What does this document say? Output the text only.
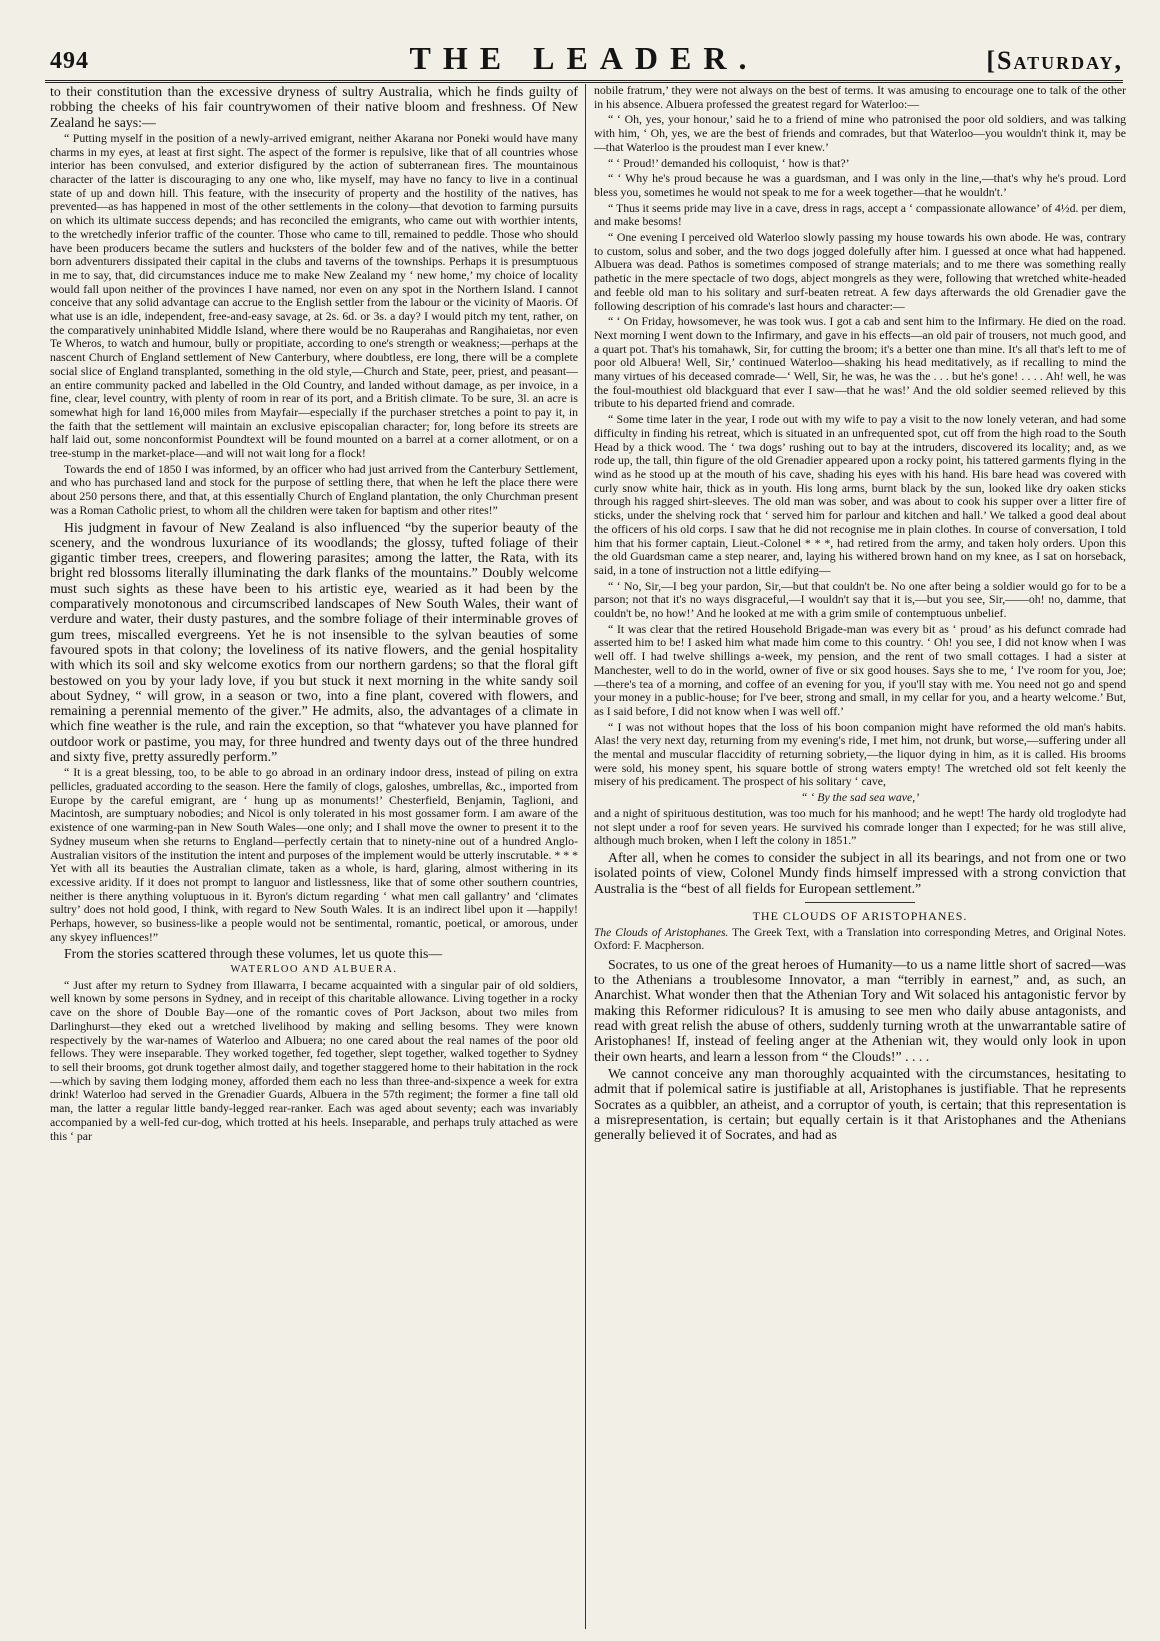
494	THE LEADER.	[Saturday,

to their constitution than the excessive dryness of sultry Australia, which he finds guilty of robbing the cheeks of his fair countrywomen of their native bloom and freshness. Of New Zealand he says:—

“ Putting myself in the position of a newly-arrived emigrant, neither Akarana nor Poneki would have many charms in my eyes, at least at first sight. The aspect of the former is repulsive, like that of all countries whose interior has been convulsed, and exterior disfigured by the action of subterranean fires. The mountainous character of the latter is discouraging to any one who, like myself, may have no fancy to live in a continual state of up and down hill. This feature, with the insecurity of property and the hostility of the natives, has prevented—as has happened in most of the other settlements in the colony—that devotion to farming pursuits on which its ultimate success depends; and has reconciled the emigrants, who came out with worthier intents, to the wretchedly inferior traffic of the counter. Those who came to till, remained to peddle. Those who should have been producers became the sutlers and hucksters of the bolder few and of the natives, while the better born adventurers dissipated their capital in the clubs and taverns of the townships. Perhaps it is presumptuous in me to say, that, did circumstances induce me to make New Zealand my ‘ new home,’ my choice of locality would fall upon neither of the provinces I have named, nor even on any spot in the Northern Island. I cannot conceive that any solid advantage can accrue to the English settler from the labour or the vicinity of Maoris. Of what use is an idle, independent, free-and-easy savage, at 2s. 6d. or 3s. a day? I would pitch my tent, rather, on the comparatively uninhabited Middle Island, where there would be no Rauperahas and Rangihaietas, nor even Te Wheros, to watch and humour, bully or propitiate, according to one's strength or weakness;—perhaps at the nascent Church of England settlement of New Canterbury, where doubtless, ere long, there will be a complete social slice of England transplanted, something in the old style,—Church and State, peer, priest, and peasant—an entire community packed and labelled in the Old Country, and landed without damage, as per invoice, in a fine, clear, level country, with plenty of room in rear of its port, and a British climate. To be sure, 3l. an acre is somewhat high for land 16,000 miles from Mayfair—especially if the purchaser stretches a point to pay it, in the faith that the settlement will maintain an exclusive episcopalian character; for, long before its streets are half laid out, some nonconformist Poundtext will be found mounted on a barrel at a corner allotment, or on a tree-stump in the market-place—and will not wait long for a flock!

Towards the end of 1850 I was informed, by an officer who had just arrived from the Canterbury Settlement, and who has purchased land and stock for the purpose of settling there, that when he left the place there were about 250 persons there, and that, at this essentially Church of England plantation, the only Churchman present was a Roman Catholic priest, to whom all the children were taken for baptism and other rites!”

His judgment in favour of New Zealand is also influenced “by the superior beauty of the scenery, and the wondrous luxuriance of its woodlands; the glossy, tufted foliage of their gigantic timber trees, creepers, and flowering parasites; among the latter, the Rata, with its bright red blossoms literally illuminating the dark flanks of the mountains.” Doubly welcome must such sights as these have been to his artistic eye, wearied as it had been by the comparatively monotonous and circumscribed landscapes of New South Wales, their want of verdure and water, their dusty pastures, and the sombre foliage of their interminable groves of gum trees, miscalled evergreens. Yet he is not insensible to the sylvan beauties of some favoured spots in that colony; the loveliness of its native flowers, and the genial hospitality with which its soil and sky welcome exotics from our northern gardens; so that the floral gift bestowed on you by your lady love, if you but stuck it next morning in the white sandy soil about Sydney, “ will grow, in a season or two, into a fine plant, covered with flowers, and remaining a perennial memento of the giver.” He admits, also, the advantages of a climate in which fine weather is the rule, and rain the exception, so that “whatever you have planned for outdoor work or pastime, you may, for three hundred and twenty days out of the three hundred and sixty five, pretty assuredly perform.”

“ It is a great blessing, too, to be able to go abroad in an ordinary indoor dress, instead of piling on extra pellicles, graduated according to the season. Here the family of clogs, galoshes, umbrellas, &c., imported from Europe by the careful emigrant, are ‘ hung up as monuments!’ Chesterfield, Benjamin, Taglioni, and Macintosh, are sumptuary nobodies; and Nicol is only tolerated in his most gossamer form. I am aware of the existence of one warming-pan in New South Wales—one only; and I shall move the owner to present it to the Sydney museum when she returns to England—perfectly certain that to ninety-nine out of a hundred Anglo-Australian visitors of the institution the intent and purposes of the implement would be utterly inscrutable. * * * Yet with all its beauties the Australian climate, taken as a whole, is hard, glaring, almost withering in its excessive aridity. If it does not prompt to languor and listlessness, like that of some other southern countries, neither is there anything voluptuous in it. Byron's dictum regarding ‘ what men call gallantry’ and ‘climates sultry’ does not hold good, I think, with regard to New South Wales. It is an indirect libel upon it —happily! Perhaps, however, so business-like a people would not be sentimental, romantic, poetical, or amorous, under any skyey influences!”

From the stories scattered through these volumes, let us quote this—

WATERLOO AND ALBUERA.

“ Just after my return to Sydney from Illawarra, I became acquainted with a singular pair of old soldiers, well known by some persons in Sydney, and in receipt of this charitable allowance. Living together in a rocky cave on the shore of Double Bay—one of the romantic coves of Port Jackson, about two miles from Darlinghurst—they eked out a wretched livelihood by making and selling besoms. They were known respectively by the war-names of Waterloo and Albuera; no one cared about the real names of the poor old fellows. They were inseparable. They worked together, fed together, slept together, walked together to Sydney to sell their brooms, got drunk together almost daily, and together staggered home to their habitation in the rock—which by saving them lodging money, afforded them each no less than three-and-sixpence a week for extra drink! Waterloo had served in the Grenadier Guards, Albuera in the 57th regiment; the former a fine tall old man, the latter a regular little bandy-legged rear-ranker. Each was aged about seventy; each was invariably accompanied by a well-fed cur-dog, which trotted at his heels. Inseparable, and perhaps truly attached as were this ‘ par

nobile fratrum,’ they were not always on the best of terms. It was amusing to encourage one to talk of the other in his absence. Albuera professed the greatest regard for Waterloo:—

“ ‘ Oh, yes, your honour,’ said he to a friend of mine who patronised the poor old soldiers, and was talking with him, ‘ Oh, yes, we are the best of friends and comrades, but that Waterloo—you wouldn't think it, may be—that Waterloo is the proudest man I ever knew.’

“ ‘ Proud!’ demanded his colloquist, ‘ how is that?’

“ ‘ Why he's proud because he was a guardsman, and I was only in the line,—that's why he's proud. Lord bless you, sometimes he would not speak to me for a week together—that he wouldn't.’

“ Thus it seems pride may live in a cave, dress in rags, accept a ‘ compassionate allowance’ of 4½d. per diem, and make besoms!

“ One evening I perceived old Waterloo slowly passing my house towards his own abode. He was, contrary to custom, solus and sober, and the two dogs jogged dolefully after him. I guessed at once what had happened. Albuera was dead. Pathos is sometimes composed of strange materials; and to me there was something really pathetic in the mere spectacle of two dogs, abject mongrels as they were, following that wretched white-headed and feeble old man to his solitary and surf-beaten retreat. A few days afterwards the old Grenadier gave the following description of his comrade's last hours and character:—

“ ‘ On Friday, howsomever, he was took wus. I got a cab and sent him to the Infirmary. He died on the road. Next morning I went down to the Infirmary, and gave in his effects—an old pair of trousers, not much good, and a quart pot. That's his tomahawk, Sir, for cutting the broom; it's a better one than mine. It's all that's left to me of poor old Albuera! Well, Sir,’ continued Waterloo—shaking his head meditatively, as if recalling to mind the many virtues of his deceased comrade—‘ Well, Sir, he was, he was the . . . but he's gone! . . . . Ah! well, he was the foul-mouthiest old blackguard that ever I saw—that he was!’ And the old soldier seemed relieved by this tribute to his departed friend and comrade.

“ Some time later in the year, I rode out with my wife to pay a visit to the now lonely veteran, and had some difficulty in finding his retreat, which is situated in an unfrequented spot, cut off from the high road to the South Head by a thick wood. The ‘ twa dogs’ rushing out to bay at the intruders, discovered its locality; and, as we rode up, the tall, thin figure of the old Grenadier appeared upon a rocky point, his tattered garments flying in the wind as he stood up at the mouth of his cave, shading his eyes with his hand. His bare head was covered with curly snow white hair, thick as in youth. His long arms, burnt black by the sun, looked like dry oaken sticks through his ragged shirt-sleeves. The old man was sober, and was about to cook his supper over a litter fire of sticks, under the shelving rock that ‘ served him for parlour and kitchen and hall.’ We talked a good deal about the officers of his old corps. I saw that he did not recognise me in plain clothes. In course of conversation, I told him that his former captain, Lieut.-Colonel * * *, had retired from the army, and taken holy orders. Upon this the old Guardsman came a step nearer, and, laying his withered brown hand on my knee, as I sat on horseback, said, in a tone of instruction not a little edifying—

“ ‘ No, Sir,—I beg your pardon, Sir,—but that couldn't be. No one after being a soldier would go for to be a parson; not that it's no ways disgraceful,—I wouldn't say that it is,—but you see, Sir,——oh! no, damme, that couldn't be, no how!’ And he looked at me with a grim smile of contemptuous unbelief.

“ It was clear that the retired Household Brigade-man was every bit as ‘ proud’ as his defunct comrade had asserted him to be! I asked him what made him come to this country. ‘ Oh! you see, I did not know when I was well off. I had twelve shillings a-week, my pension, and the rent of two small cottages. I had a sister at Manchester, well to do in the world, owner of five or six good houses. Says she to me, ‘ I've room for you, Joe;—there's tea of a morning, and coffee of an evening for you, if you'll stay with me. You need not go and spend your money in a public-house; for I've beer, strong and small, in my cellar for you, and a hearty welcome.’ But, as I said before, I did not know when I was well off.’

“ I was not without hopes that the loss of his boon companion might have reformed the old man's habits. Alas! the very next day, returning from my evening's ride, I met him, not drunk, but worse,—suffering under all the mental and muscular flaccidity of returning sobriety,—the liquor dying in him, as it is called. His brooms were sold, his money spent, his square bottle of strong waters empty! The wretched old sot felt keenly the misery of his predicament. The prospect of his solitary ‘ cave,

“ ‘ By the sad sea wave,’

and a night of spirituous destitution, was too much for his manhood; and he wept! The hardy old troglodyte had not slept under a roof for seven years. He survived his comrade longer than I expected; for he was still alive, although much broken, when I left the colony in 1851.”

After all, when he comes to consider the subject in all its bearings, and not from one or two isolated points of view, Colonel Mundy finds himself impressed with a strong conviction that Australia is the “best of all fields for European settlement.”

THE CLOUDS OF ARISTOPHANES.

The Clouds of Aristophanes. The Greek Text, with a Translation into corresponding Metres, and Original Notes. Oxford: F. Macpherson.

Socrates, to us one of the great heroes of Humanity—to us a name little short of sacred—was to the Athenians a troublesome Innovator, a man “terribly in earnest,” and, as such, an Anarchist. What wonder then that the Athenian Tory and Wit solaced his antagonistic fervor by making this Reformer ridiculous? It is amusing to see men who daily abuse antagonists, and read with great relish the abuse of others, suddenly turning wroth at the unwarrantable satire of Aristophanes! If, instead of feeling anger at the Athenian wit, they would only look in upon their own hearts, and learn a lesson from “ the Clouds!” . . . .

We cannot conceive any man thoroughly acquainted with the circumstances, hesitating to admit that if polemical satire is justifiable at all, Aristophanes is justifiable. That he represents Socrates as a quibbler, an atheist, and a corruptor of youth, is certain; that this representation is a misrepresentation, is certain; but equally certain is it that Aristophanes and the Athenians generally believed it of Socrates, and had as
